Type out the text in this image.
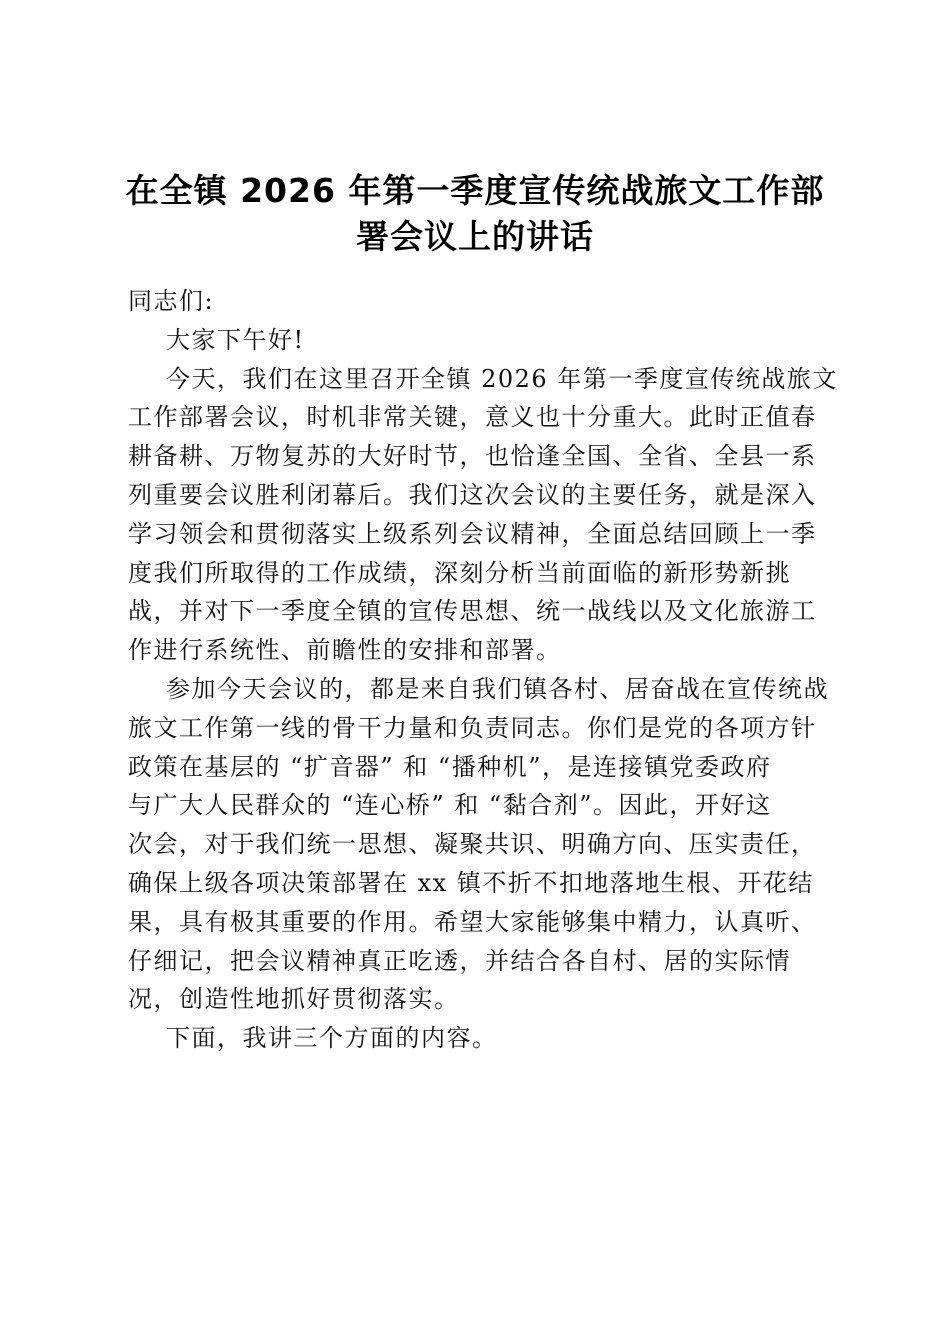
在全镇 2026 年第一季度宣传统战旅文工作部
署会议上的讲话
同志们:
大家下午好!
今天，我们在这里召开全镇 2026 年第一季度宣传统战旅文
工作部署会议，时机非常关键，意义也十分重大。此时正值春
耕备耕、万物复苏的大好时节，也恰逢全国、全省、全县一系
列重要会议胜利闭幕后。我们这次会议的主要任务，就是深入
学习领会和贯彻落实上级系列会议精神，全面总结回顾上一季
度我们所取得的工作成绩，深刻分析当前面临的新形势新挑
战，并对下一季度全镇的宣传思想、统一战线以及文化旅游工
作进行系统性、前瞻性的安排和部署。
参加今天会议的，都是来自我们镇各村、居奋战在宣传统战
旅文工作第一线的骨干力量和负责同志。你们是党的各项方针
政策在基层的 “扩音器” 和 “播种机”，是连接镇党委政府
与广大人民群众的 “连心桥” 和 “黏合剂”。因此，开好这
次会，对于我们统一思想、凝聚共识、明确方向、压实责任，
确保上级各项决策部署在 xx 镇不折不扣地落地生根、开花结
果，具有极其重要的作用。希望大家能够集中精力，认真听、
仔细记，把会议精神真正吃透，并结合各自村、居的实际情
况，创造性地抓好贯彻落实。
下面，我讲三个方面的内容。
